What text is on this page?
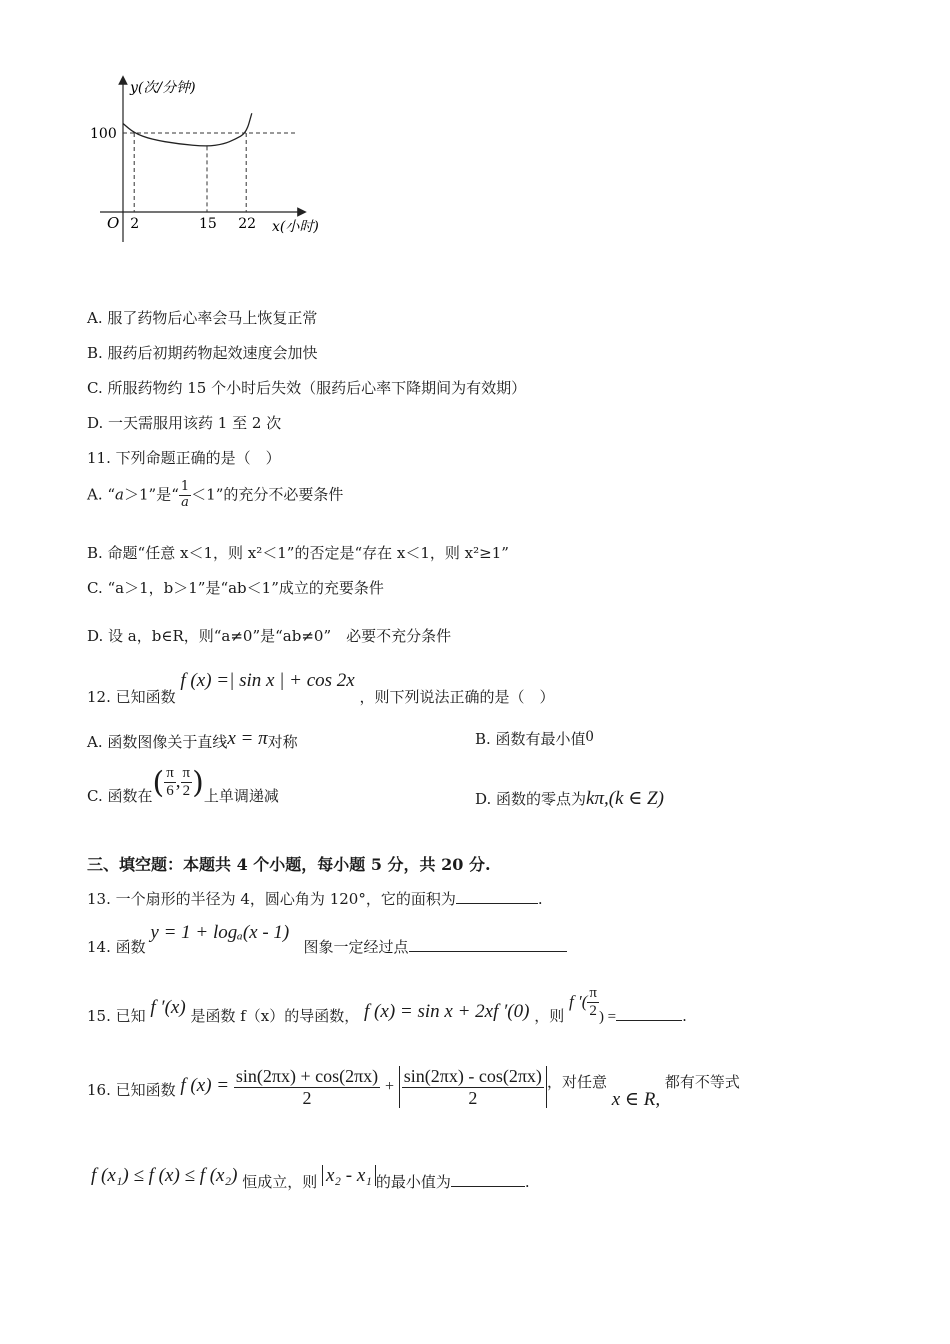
y(次/分钟)
100
O 2	15 22 x(小时)
A. 服了药物后心率会马上恢复正常
B. 服药后初期药物起效速度会加快
C. 所服药物约 15 个小时后失效（服药后心率下降期间为有效期）
D. 一天需服用该药 1 至 2 次
11. 下列命题正确的是（　）
A. “a＞1”是“ $\frac{1}{a} <1$”的充分不必要条件
B. 命题“任意 x＜1，则 x²＜1”的否定是“存在 x＜1，则 x²≥1”
C. “a＞1，b＞1”是“ab＜1”成立的充要条件
D. 设 a，b∈R，则“a≠0”是“ab≠0”　必要不充分条件
12. 已知函数 f (x) =| sin x | + cos 2x ，则下列说法正确的是（　）
A. 函数图像关于直线x = π对称	B. 函数有最小值0
C. 函数在( $\frac{\pi}{6}$ , $\frac{\pi}{2}$ )上单调递减	D. 函数的零点为kπ,(k ∈ Z)
三、填空题：本题共 4 个小题，每小题 5 分，共 20 分.
13. 一个扇形的半径为 4，圆心角为 120°，它的面积为	.
14. 函数 y = 1 + logₐ(x - 1)   图象一定经过点
15. 已知 f ′(x) 是函数 f（x）的导函数， f (x) = sin x + 2xf ′(0) ，则 f ′( $\frac{\pi}{2}$ ) =	.
16. 已知函数 f $(x) = \frac{\sin(2\pi x) + \cos(2\pi x)}{2} + \frac{\sin(2\pi x) - \cos(2\pi x)}{2}$ ，对任意 x ∈ R, 都有不等式
f (x₁) ≤ f (x) ≤ f (x₂) 恒成立，则 x₂ - x₁ 的最小值为	.
